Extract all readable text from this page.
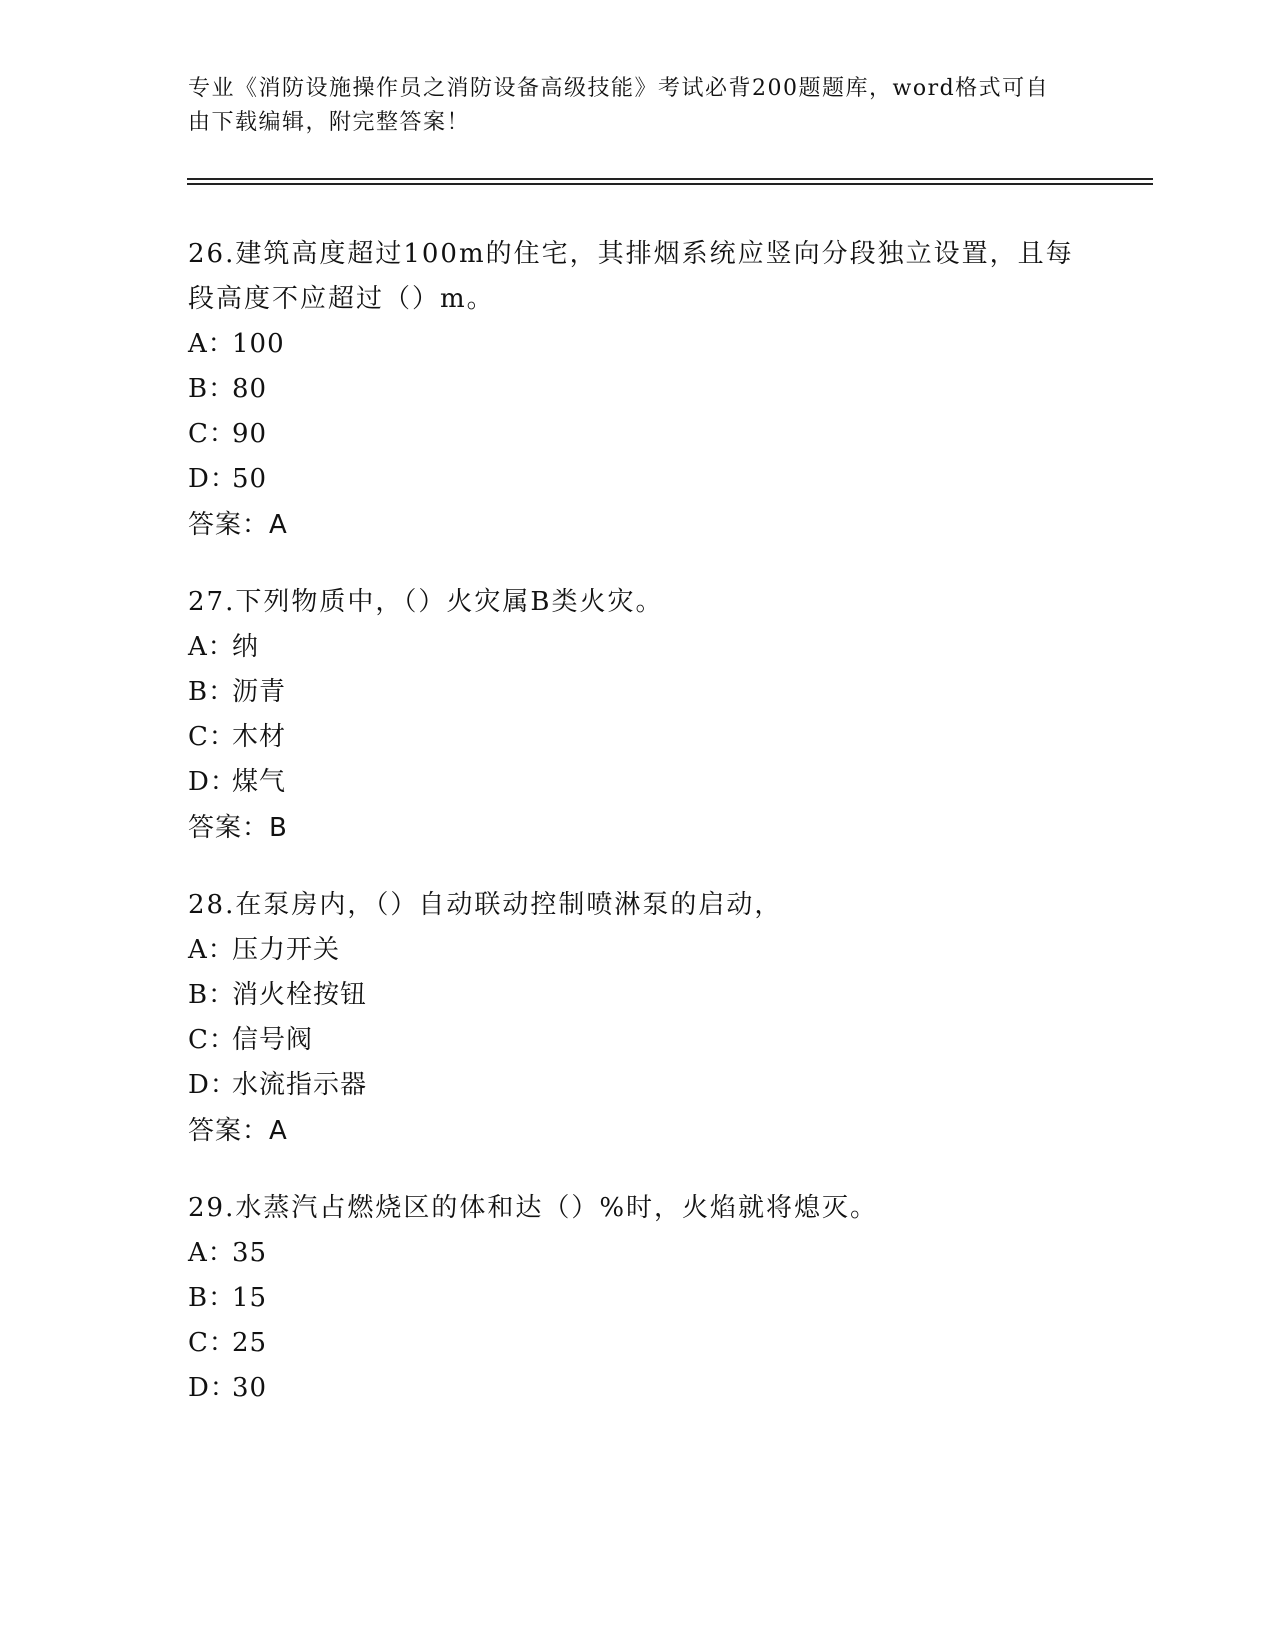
专业《消防设施操作员之消防设备高级技能》考试必背200题题库，word格式可自由下载编辑，附完整答案！
26.建筑高度超过100m的住宅，其排烟系统应竖向分段独立设置，且每段高度不应超过（）m。
A：
100
B：
80
C：
90
D：
50
答案：A
27.下列物质中，（）火灾属B类火灾。
A：
纳
B：
沥青
C：
木材
D：
煤气
答案：B
28.在泵房内，（）自动联动控制喷淋泵的启动，
A：
压力开关
B：
消火栓按钮
C：
信号阀
D：
水流指示器
答案：A
29.水蒸汽占燃烧区的体和达（）%时，火焰就将熄灭。
A：
35
B：
15
C：
25
D：
30
